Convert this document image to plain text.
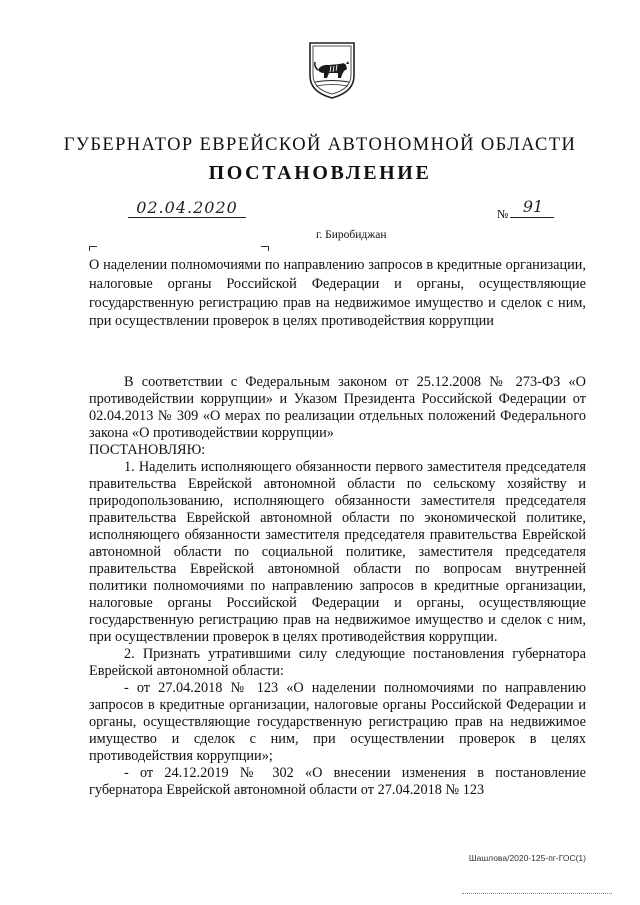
ГУБЕРНАТОР ЕВРЕЙСКОЙ АВТОНОМНОЙ ОБЛАСТИ
ПОСТАНОВЛЕНИЕ
02.04.2020	№ 91
г. Биробиджан
О наделении полномочиями по направлению запросов в кредитные организации, налоговые органы Российской Федерации и органы, осуществляющие государственную регистрацию прав на недвижимое имущество и сделок с ним, при осуществлении проверок в целях противодействия коррупции

В соответствии с Федеральным законом от 25.12.2008 № 273-ФЗ «О противодействии коррупции» и Указом Президента Российской Федерации от 02.04.2013 № 309 «О мерах по реализации отдельных положений Федерального закона «О противодействии коррупции»

ПОСТАНОВЛЯЮ:

1. Наделить исполняющего обязанности первого заместителя председателя правительства Еврейской автономной области по сельскому хозяйству и природопользованию, исполняющего обязанности заместителя председателя правительства Еврейской автономной области по экономической политике, исполняющего обязанности заместителя председателя правительства Еврейской автономной области по социальной политике, заместителя председателя правительства Еврейской автономной области по вопросам внутренней политики полномочиями по направлению запросов в кредитные организации, налоговые органы Российской Федерации и органы, осуществляющие государственную регистрацию прав на недвижимое имущество и сделок с ним, при осуществлении проверок в целях противодействия коррупции.

2. Признать утратившими силу следующие постановления губернатора Еврейской автономной области:

- от 27.04.2018 № 123 «О наделении полномочиями по направлению запросов в кредитные организации, налоговые органы Российской Федерации и органы, осуществляющие государственную регистрацию прав на недвижимое имущество и сделок с ним, при осуществлении проверок в целях противодействия коррупции»;

- от 24.12.2019 № 302 «О внесении изменения в постановление губернатора Еврейской автономной области от 27.04.2018 № 123

Шашлова/2020-125-пг-ГОС(1)
